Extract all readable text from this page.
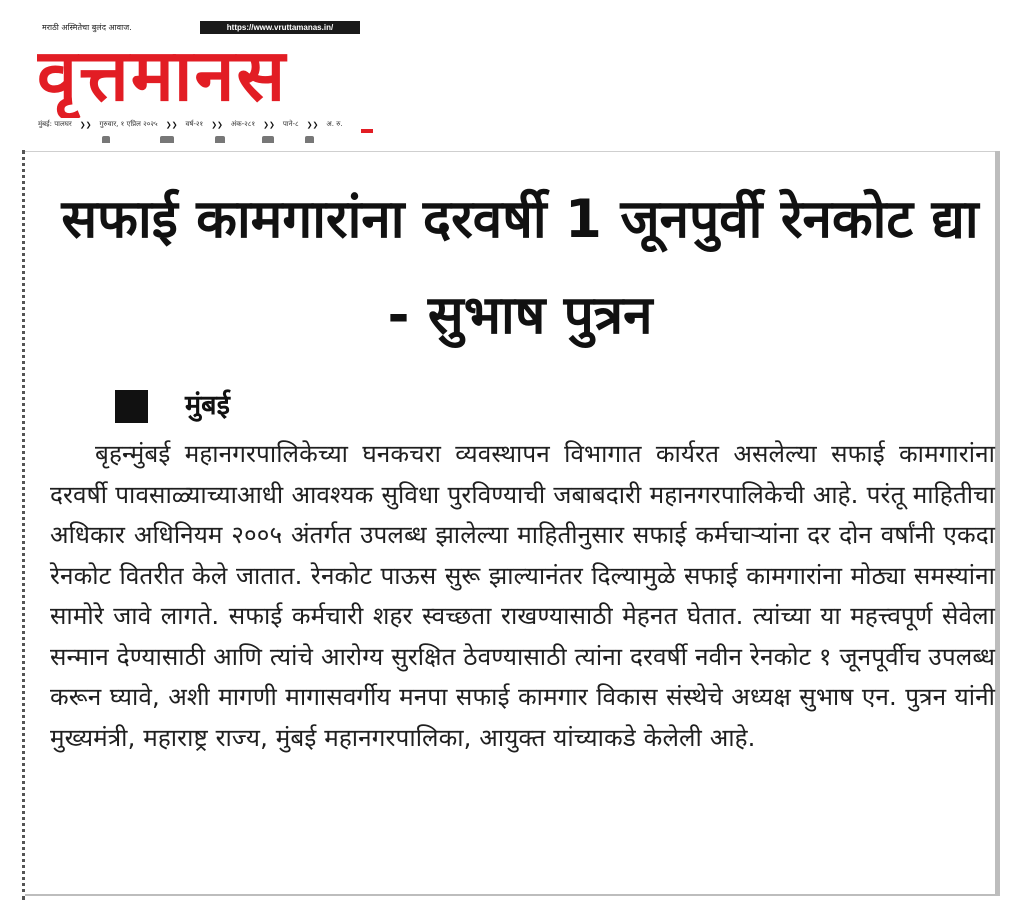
मराठी अस्मितेचा बुलंद आवाज.	https://www.vruttamanas.in/
वृत्तमानस
मुंबई: पालघर ❯❯ गुरुवार, १ एप्रिल २०२५ ❯❯ वर्ष-२१ ❯❯ अंक-२८१ ❯❯ पाने-८ ❯❯ अ. रु.
सफाई कामगारांना दरवर्षी 1 जूनपुर्वी रेनकोट द्या - सुभाष पुत्रन
मुंबई

बृहन्मुंबई महानगरपालिकेच्या घनकचरा व्यवस्थापन विभागात कार्यरत असलेल्या सफाई कामगारांना दरवर्षी पावसाळ्याच्याआधी आवश्यक सुविधा पुरविण्याची जबाबदारी महानगरपालिकेची आहे. परंतू माहितीचा अधिकार अधिनियम २००५ अंतर्गत उपलब्ध झालेल्या माहितीनुसार सफाई कर्मचाऱ्यांना दर दोन वर्षांनी एकदा रेनकोट वितरीत केले जातात. रेनकोट पाऊस सुरू झाल्यानंतर दिल्यामुळे सफाई कामगारांना मोठ्या समस्यांना सामोरे जावे लागते. सफाई कर्मचारी शहर स्वच्छता राखण्यासाठी मेहनत घेतात. त्यांच्या या महत्त्वपूर्ण सेवेला सन्मान देण्यासाठी आणि त्यांचे आरोग्य सुरक्षित ठेवण्यासाठी त्यांना दरवर्षी नवीन रेनकोट १ जूनपूर्वीच उपलब्ध करून घ्यावे, अशी मागणी मागासवर्गीय मनपा सफाई कामगार विकास संस्थेचे अध्यक्ष सुभाष एन. पुत्रन यांनी मुख्यमंत्री, महाराष्ट्र राज्य, मुंबई महानगरपालिका, आयुक्त यांच्याकडे केलेली आहे.
